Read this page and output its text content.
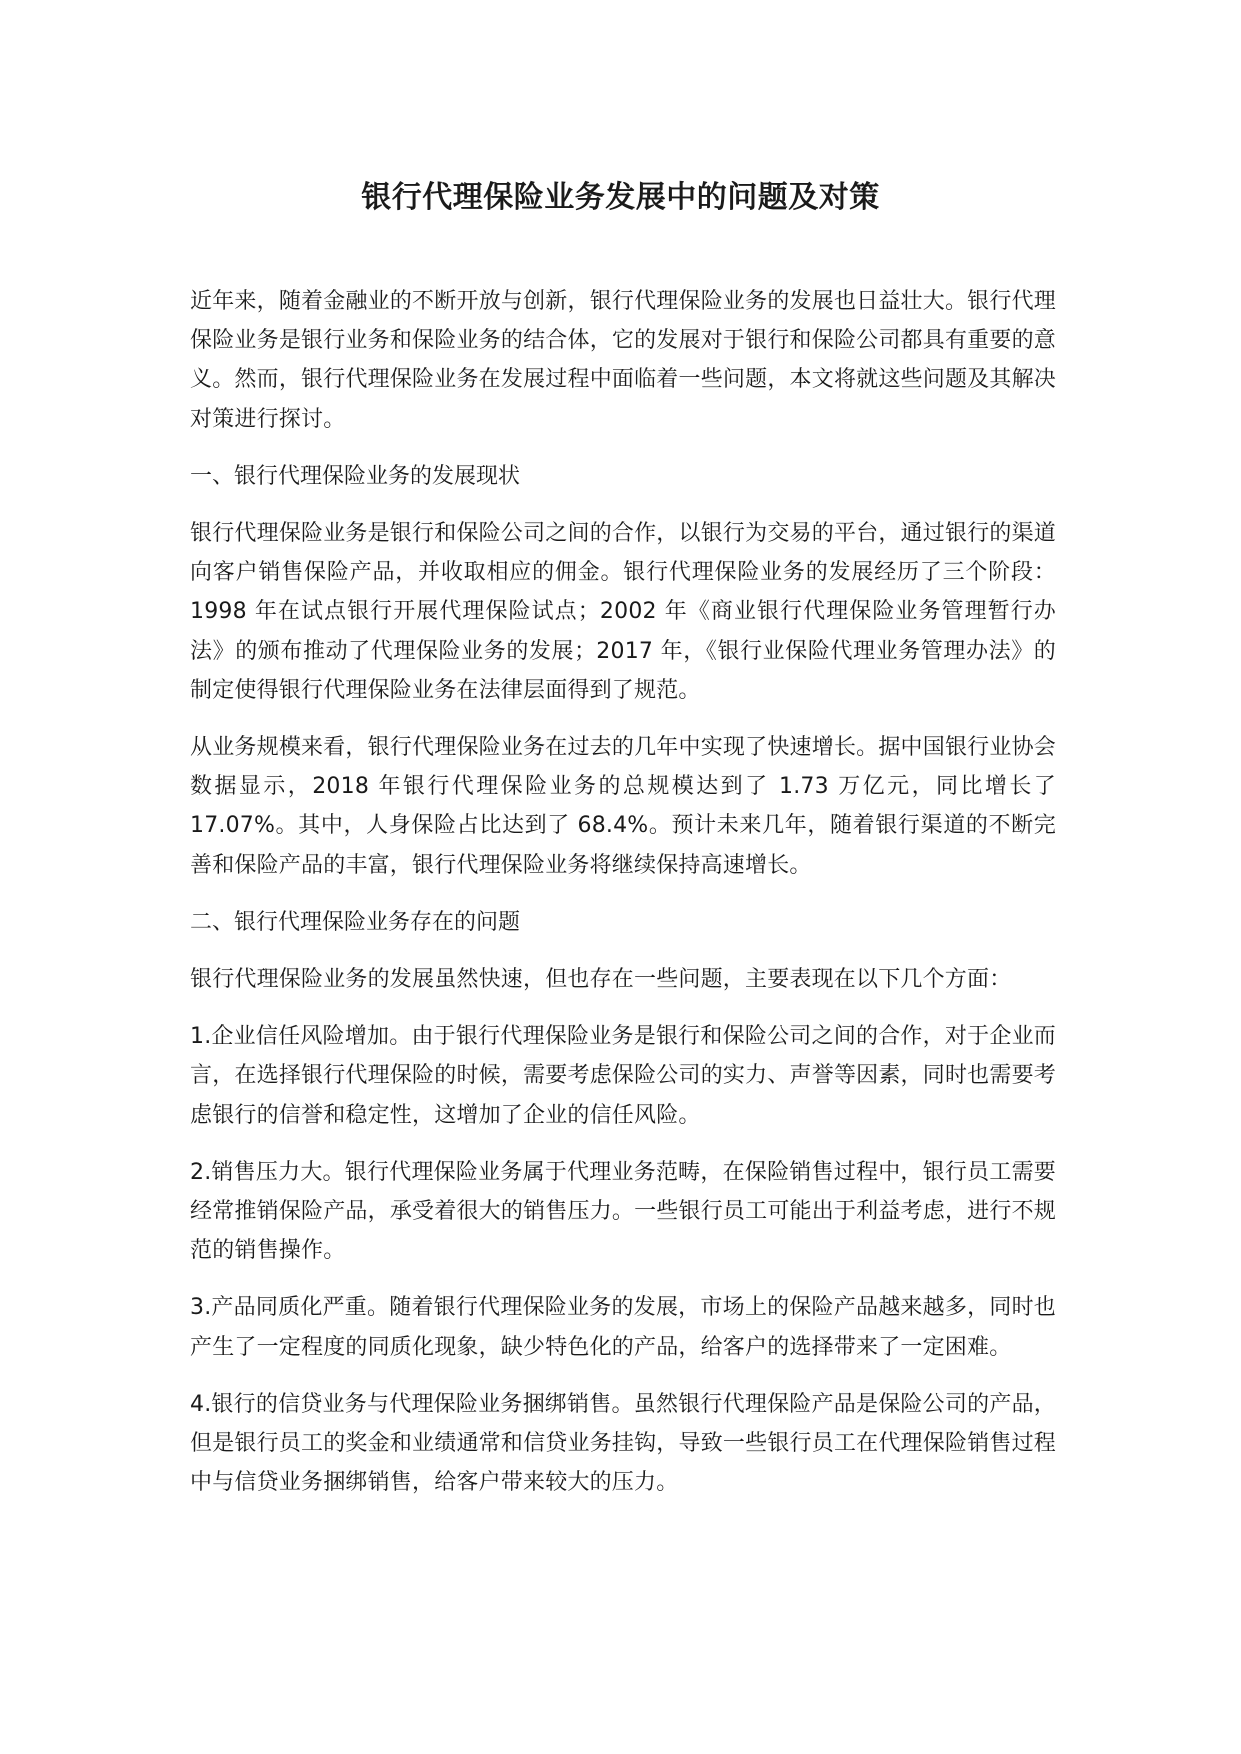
银行代理保险业务发展中的问题及对策

近年来，随着金融业的不断开放与创新，银行代理保险业务的发展也日益壮大。银行代理保险业务是银行业务和保险业务的结合体，它的发展对于银行和保险公司都具有重要的意义。然而，银行代理保险业务在发展过程中面临着一些问题，本文将就这些问题及其解决对策进行探讨。

一、银行代理保险业务的发展现状

银行代理保险业务是银行和保险公司之间的合作，以银行为交易的平台，通过银行的渠道向客户销售保险产品，并收取相应的佣金。银行代理保险业务的发展经历了三个阶段：1998 年在试点银行开展代理保险试点；2002 年《商业银行代理保险业务管理暂行办法》的颁布推动了代理保险业务的发展；2017 年，《银行业保险代理业务管理办法》的制定使得银行代理保险业务在法律层面得到了规范。

从业务规模来看，银行代理保险业务在过去的几年中实现了快速增长。据中国银行业协会数据显示，2018 年银行代理保险业务的总规模达到了 1.73 万亿元，同比增长了 17.07%。其中，人身保险占比达到了 68.4%。预计未来几年，随着银行渠道的不断完善和保险产品的丰富，银行代理保险业务将继续保持高速增长。

二、银行代理保险业务存在的问题

银行代理保险业务的发展虽然快速，但也存在一些问题，主要表现在以下几个方面：

1.企业信任风险增加。由于银行代理保险业务是银行和保险公司之间的合作，对于企业而言，在选择银行代理保险的时候，需要考虑保险公司的实力、声誉等因素，同时也需要考虑银行的信誉和稳定性，这增加了企业的信任风险。

2.销售压力大。银行代理保险业务属于代理业务范畴，在保险销售过程中，银行员工需要经常推销保险产品，承受着很大的销售压力。一些银行员工可能出于利益考虑，进行不规范的销售操作。

3.产品同质化严重。随着银行代理保险业务的发展，市场上的保险产品越来越多，同时也产生了一定程度的同质化现象，缺少特色化的产品，给客户的选择带来了一定困难。

4.银行的信贷业务与代理保险业务捆绑销售。虽然银行代理保险产品是保险公司的产品，但是银行员工的奖金和业绩通常和信贷业务挂钩，导致一些银行员工在代理保险销售过程中与信贷业务捆绑销售，给客户带来较大的压力。
